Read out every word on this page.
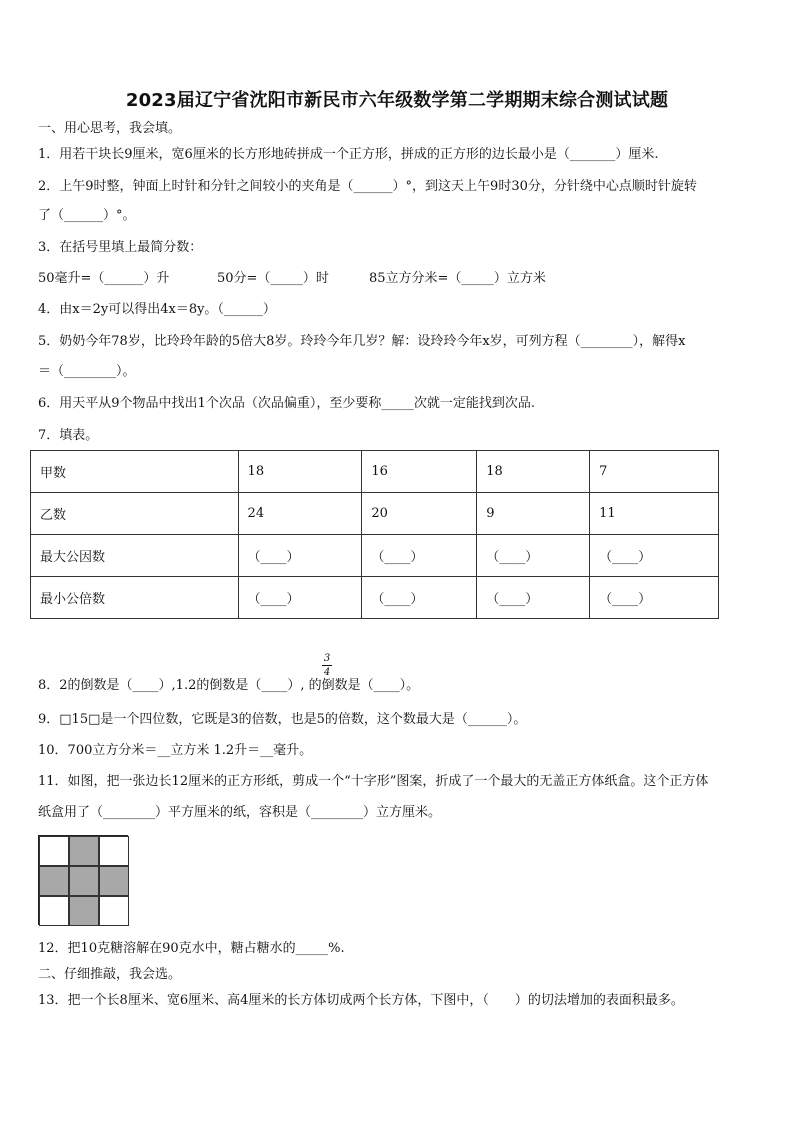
2023届辽宁省沈阳市新民市六年级数学第二学期期末综合测试试题
一、用心思考，我会填。
1．用若干块长9厘米，宽6厘米的长方形地砖拼成一个正方形，拼成的正方形的边长最小是（_______）厘米.
2．上午9时整，钟面上时针和分针之间较小的夹角是（______）°，到这天上午9时30分，分针绕中心点顺时针旋转
了（______）°。
3．在括号里填上最简分数：
50毫升=（______）升	50分=（_____）时	85立方分米=（_____）立方米
4．由x＝2y可以得出4x＝8y。（______）
5．奶奶今年78岁，比玲玲年龄的5倍大8岁。玲玲今年几岁？解：设玲玲今年x岁，可列方程（________），解得x
＝（________）。
6．用天平从9个物品中找出1个次品（次品偏重），至少要称_____次就一定能找到次品.
7．填表。
甲数	18	16	18	7
乙数	24	20	9	11
最大公因数	（____）	（____）	（____）	（____）
最小公倍数	（____）	（____）	（____）	（____）
3
4
8．2的倒数是（____）,1.2的倒数是（____）, 的倒数是（____）。
9．□15□是一个四位数，它既是3的倍数，也是5的倍数，这个数最大是（______）。
10．700立方分米＝__立方米 1.2升＝__毫升。
11．如图，把一张边长12厘米的正方形纸，剪成一个“十字形”图案，折成了一个最大的无盖正方体纸盒。这个正方体
纸盒用了（________）平方厘米的纸，容积是（________）立方厘米。
12．把10克糖溶解在90克水中，糖占糖水的_____%.
二、仔细推敲，我会选。
13．把一个长8厘米、宽6厘米、高4厘米的长方体切成两个长方体，下图中，（　　）的切法增加的表面积最多。
